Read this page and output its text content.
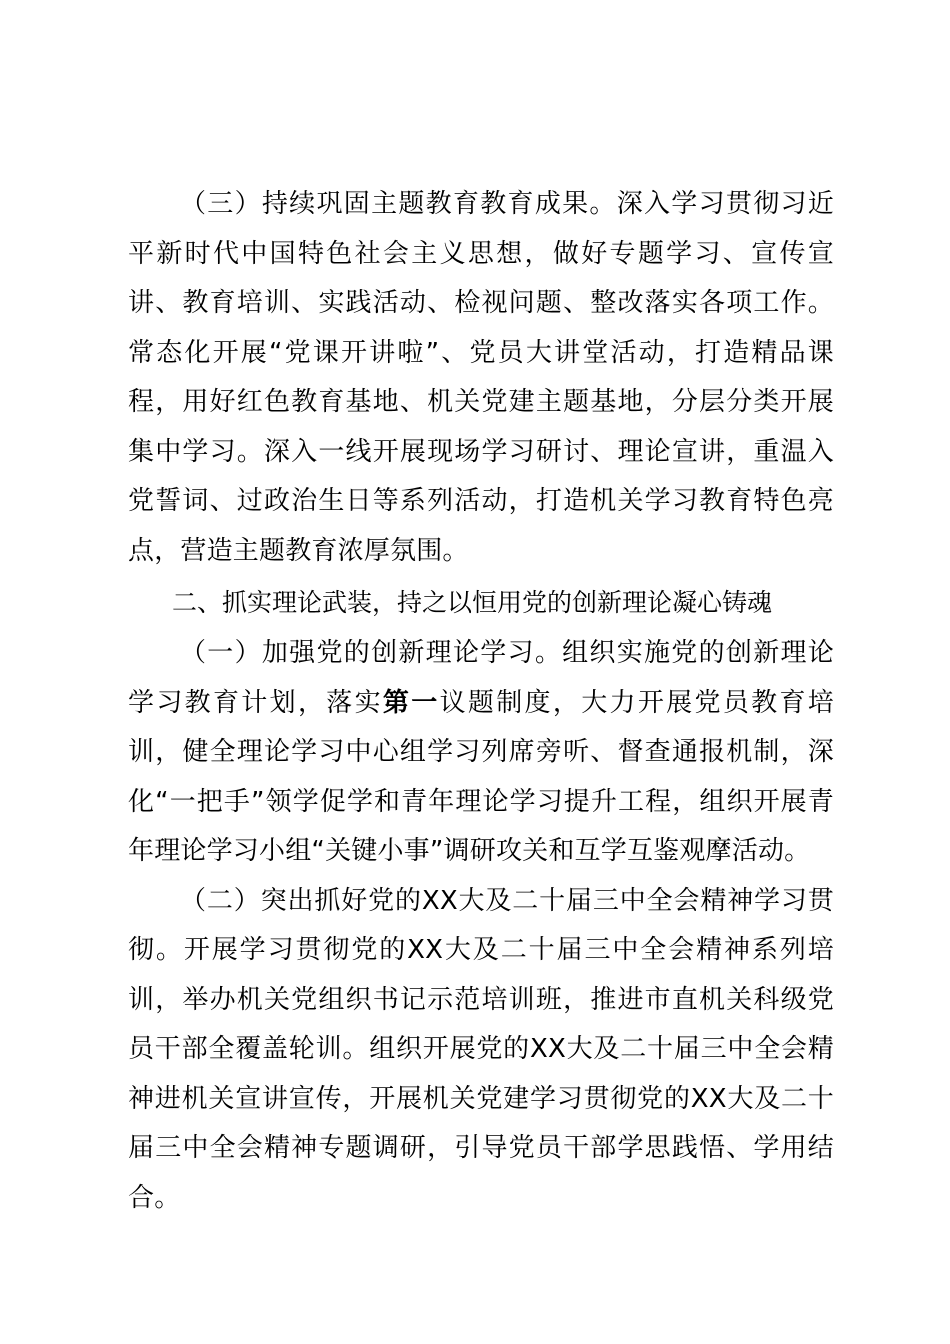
（三）持续巩固主题教育教育成果。深入学习贯彻习近平新时代中国特色社会主义思想，做好专题学习、宣传宣讲、教育培训、实践活动、检视问题、整改落实各项工作。常态化开展“党课开讲啦”、党员大讲堂活动，打造精品课程，用好红色教育基地、机关党建主题基地，分层分类开展集中学习。深入一线开展现场学习研讨、理论宣讲，重温入党誓词、过政治生日等系列活动，打造机关学习教育特色亮点，营造主题教育浓厚氛围。

二、抓实理论武装，持之以恒用党的创新理论凝心铸魂

（一）加强党的创新理论学习。组织实施党的创新理论学习教育计划，落实第一议题制度，大力开展党员教育培训，健全理论学习中心组学习列席旁听、督查通报机制，深化“一把手”领学促学和青年理论学习提升工程，组织开展青年理论学习小组“关键小事”调研攻关和互学互鉴观摩活动。

（二）突出抓好党的XX大及二十届三中全会精神学习贯彻。开展学习贯彻党的XX大及二十届三中全会精神系列培训，举办机关党组织书记示范培训班，推进市直机关科级党员干部全覆盖轮训。组织开展党的XX大及二十届三中全会精神进机关宣讲宣传，开展机关党建学习贯彻党的XX大及二十届三中全会精神专题调研，引导党员干部学思践悟、学用结合。
